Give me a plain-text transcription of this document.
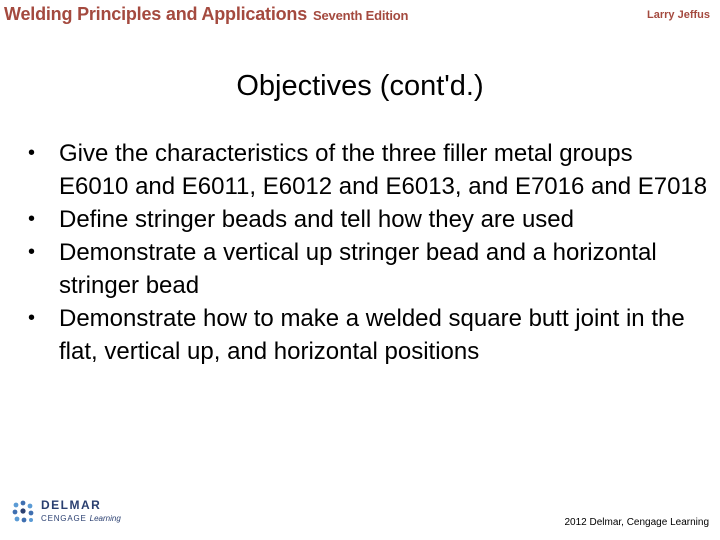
Welding Principles and Applications Seventh Edition	Larry Jeffus
Objectives (cont'd.)
• Give the characteristics of the three filler metal groups E6010 and E6011, E6012 and E6013, and E7016 and E7018
• Define stringer beads and tell how they are used
• Demonstrate a vertical up stringer bead and a horizontal stringer bead
• Demonstrate how to make a welded square butt joint in the flat, vertical up, and horizontal positions
DELMAR
CENGAGE Learning	2012 Delmar, Cengage Learning
